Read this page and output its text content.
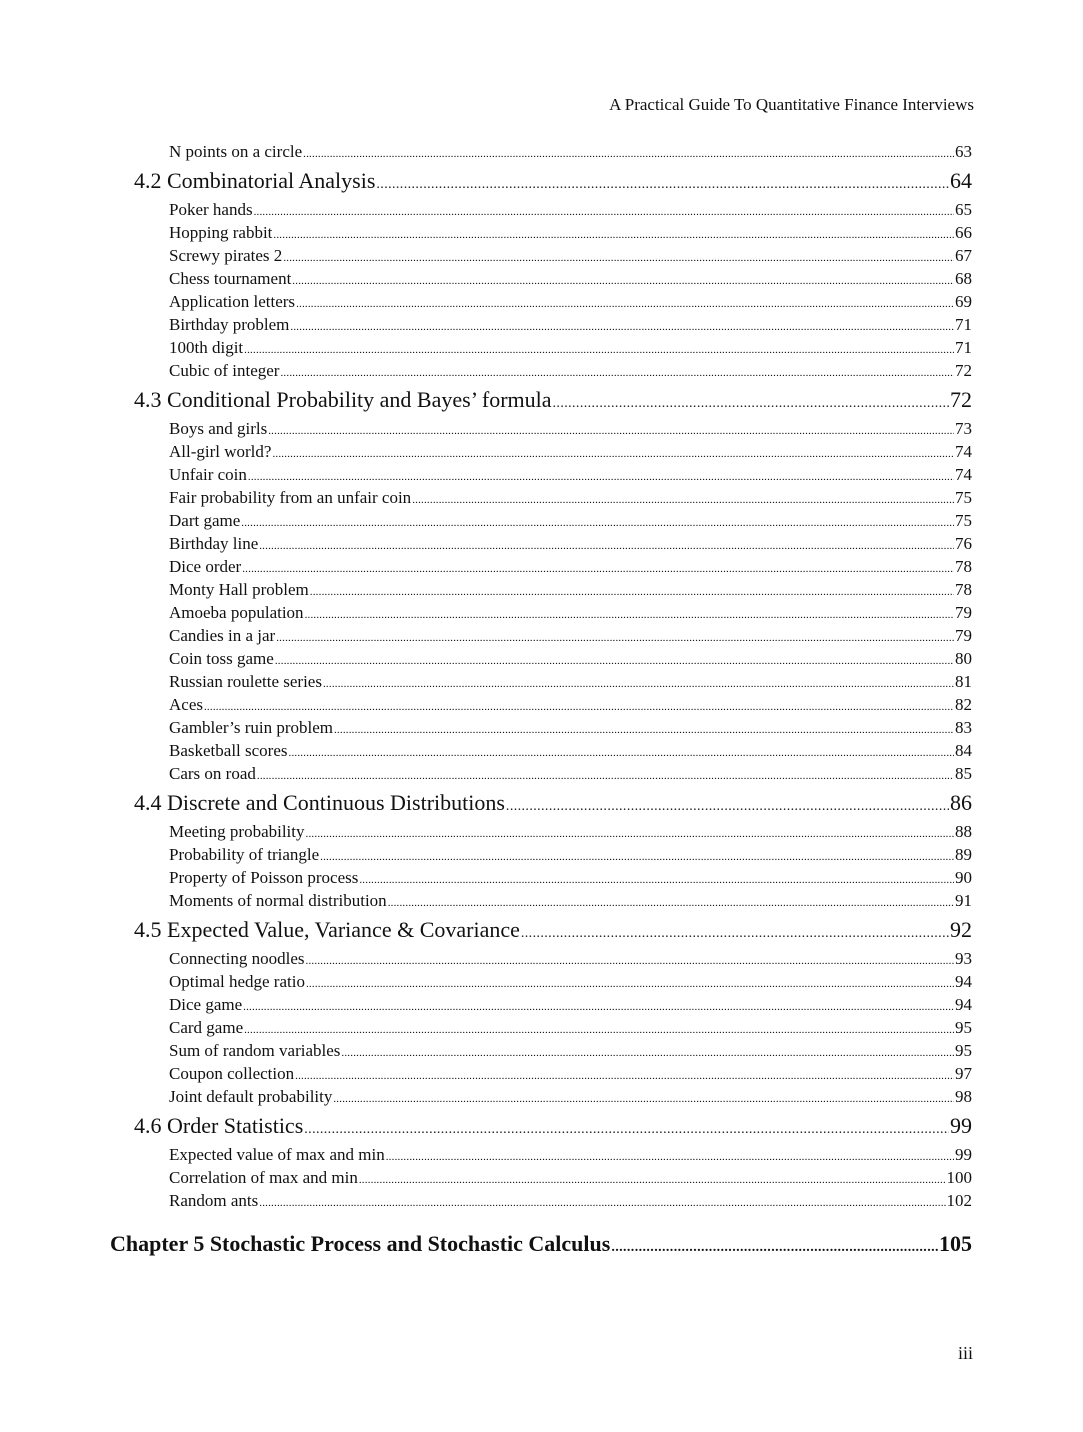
A Practical Guide To Quantitative Finance Interviews
N points on a circle .....	63
4.2 Combinatorial Analysis .....	64
Poker hands .....	65
Hopping rabbit .....	66
Screwy pirates 2 .....	67
Chess tournament .....	68
Application letters .....	69
Birthday problem .....	71
100th digit .....	71
Cubic of integer .....	72
4.3 Conditional Probability and Bayes’ formula .....	72
Boys and girls .....	73
All-girl world? .....	74
Unfair coin .....	74
Fair probability from an unfair coin .....	75
Dart game .....	75
Birthday line .....	76
Dice order .....	78
Monty Hall problem .....	78
Amoeba population .....	79
Candies in a jar .....	79
Coin toss game .....	80
Russian roulette series .....	81
Aces .....	82
Gambler’s ruin problem .....	83
Basketball scores .....	84
Cars on road .....	85
4.4 Discrete and Continuous Distributions .....	86
Meeting probability .....	88
Probability of triangle .....	89
Property of Poisson process .....	90
Moments of normal distribution .....	91
4.5 Expected Value, Variance & Covariance .....	92
Connecting noodles .....	93
Optimal hedge ratio .....	94
Dice game .....	94
Card game .....	95
Sum of random variables .....	95
Coupon collection .....	97
Joint default probability .....	98
4.6 Order Statistics .....	99
Expected value of max and min .....	99
Correlation of max and min .....	100
Random ants .....	102
Chapter 5 Stochastic Process and Stochastic Calculus .....	105
iii
